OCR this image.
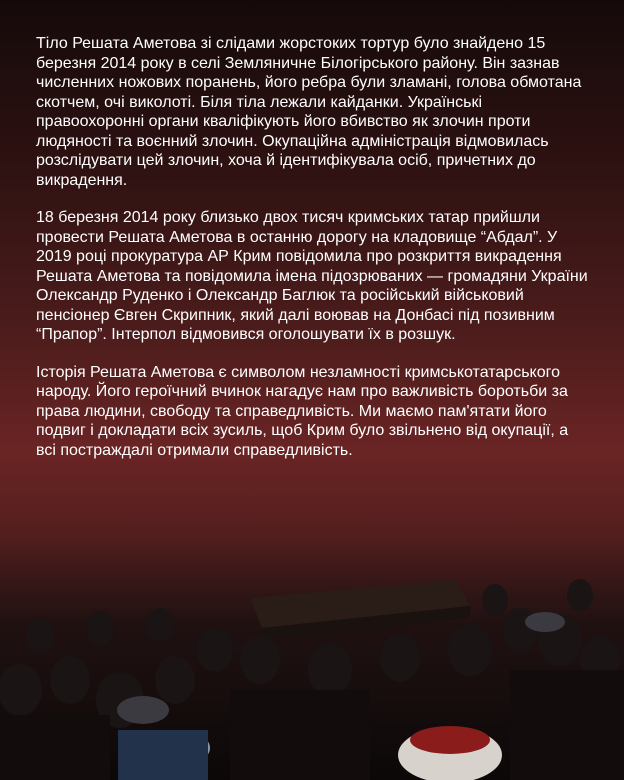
Тіло Решата Аметова зі слідами жорстоких тортур було знайдено 15 березня 2014 року в селі Земляничне Білогірського району. Він зазнав численних ножових поранень, його ребра були зламані, голова обмотана скотчем, очі виколоті. Біля тіла лежали кайданки. Українські правоохоронні органи кваліфікують його вбивство як злочин проти людяності та воєнний злочин. Окупаційна адміністрація відмовилась розслідувати цей злочин, хоча й ідентифікувала осіб, причетних до викрадення.

18 березня 2014 року близько двох тисяч кримських татар прийшли провести Решата Аметова в останню дорогу на кладовище “Абдал”. У 2019 році прокуратура АР Крим повідомила про розкриття викрадення Решата Аметова та повідомила імена підозрюваних — громадяни України Олександр Руденко і Олександр Баглюк та російський військовий пенсіонер Євген Скрипник, який далі воював на Донбасі під позивним “Прапор”. Інтерпол відмовився оголошувати їх в розшук.

Історія Решата Аметова є символом незламності кримськотатарського народу. Його героїчний вчинок нагадує нам про важливість боротьби за права людини, свободу та справедливість. Ми маємо пам'ятати його подвиг і докладати всіх зусиль, щоб Крим було звільнено від окупації, а всі постраждалі отримали справедливість.
